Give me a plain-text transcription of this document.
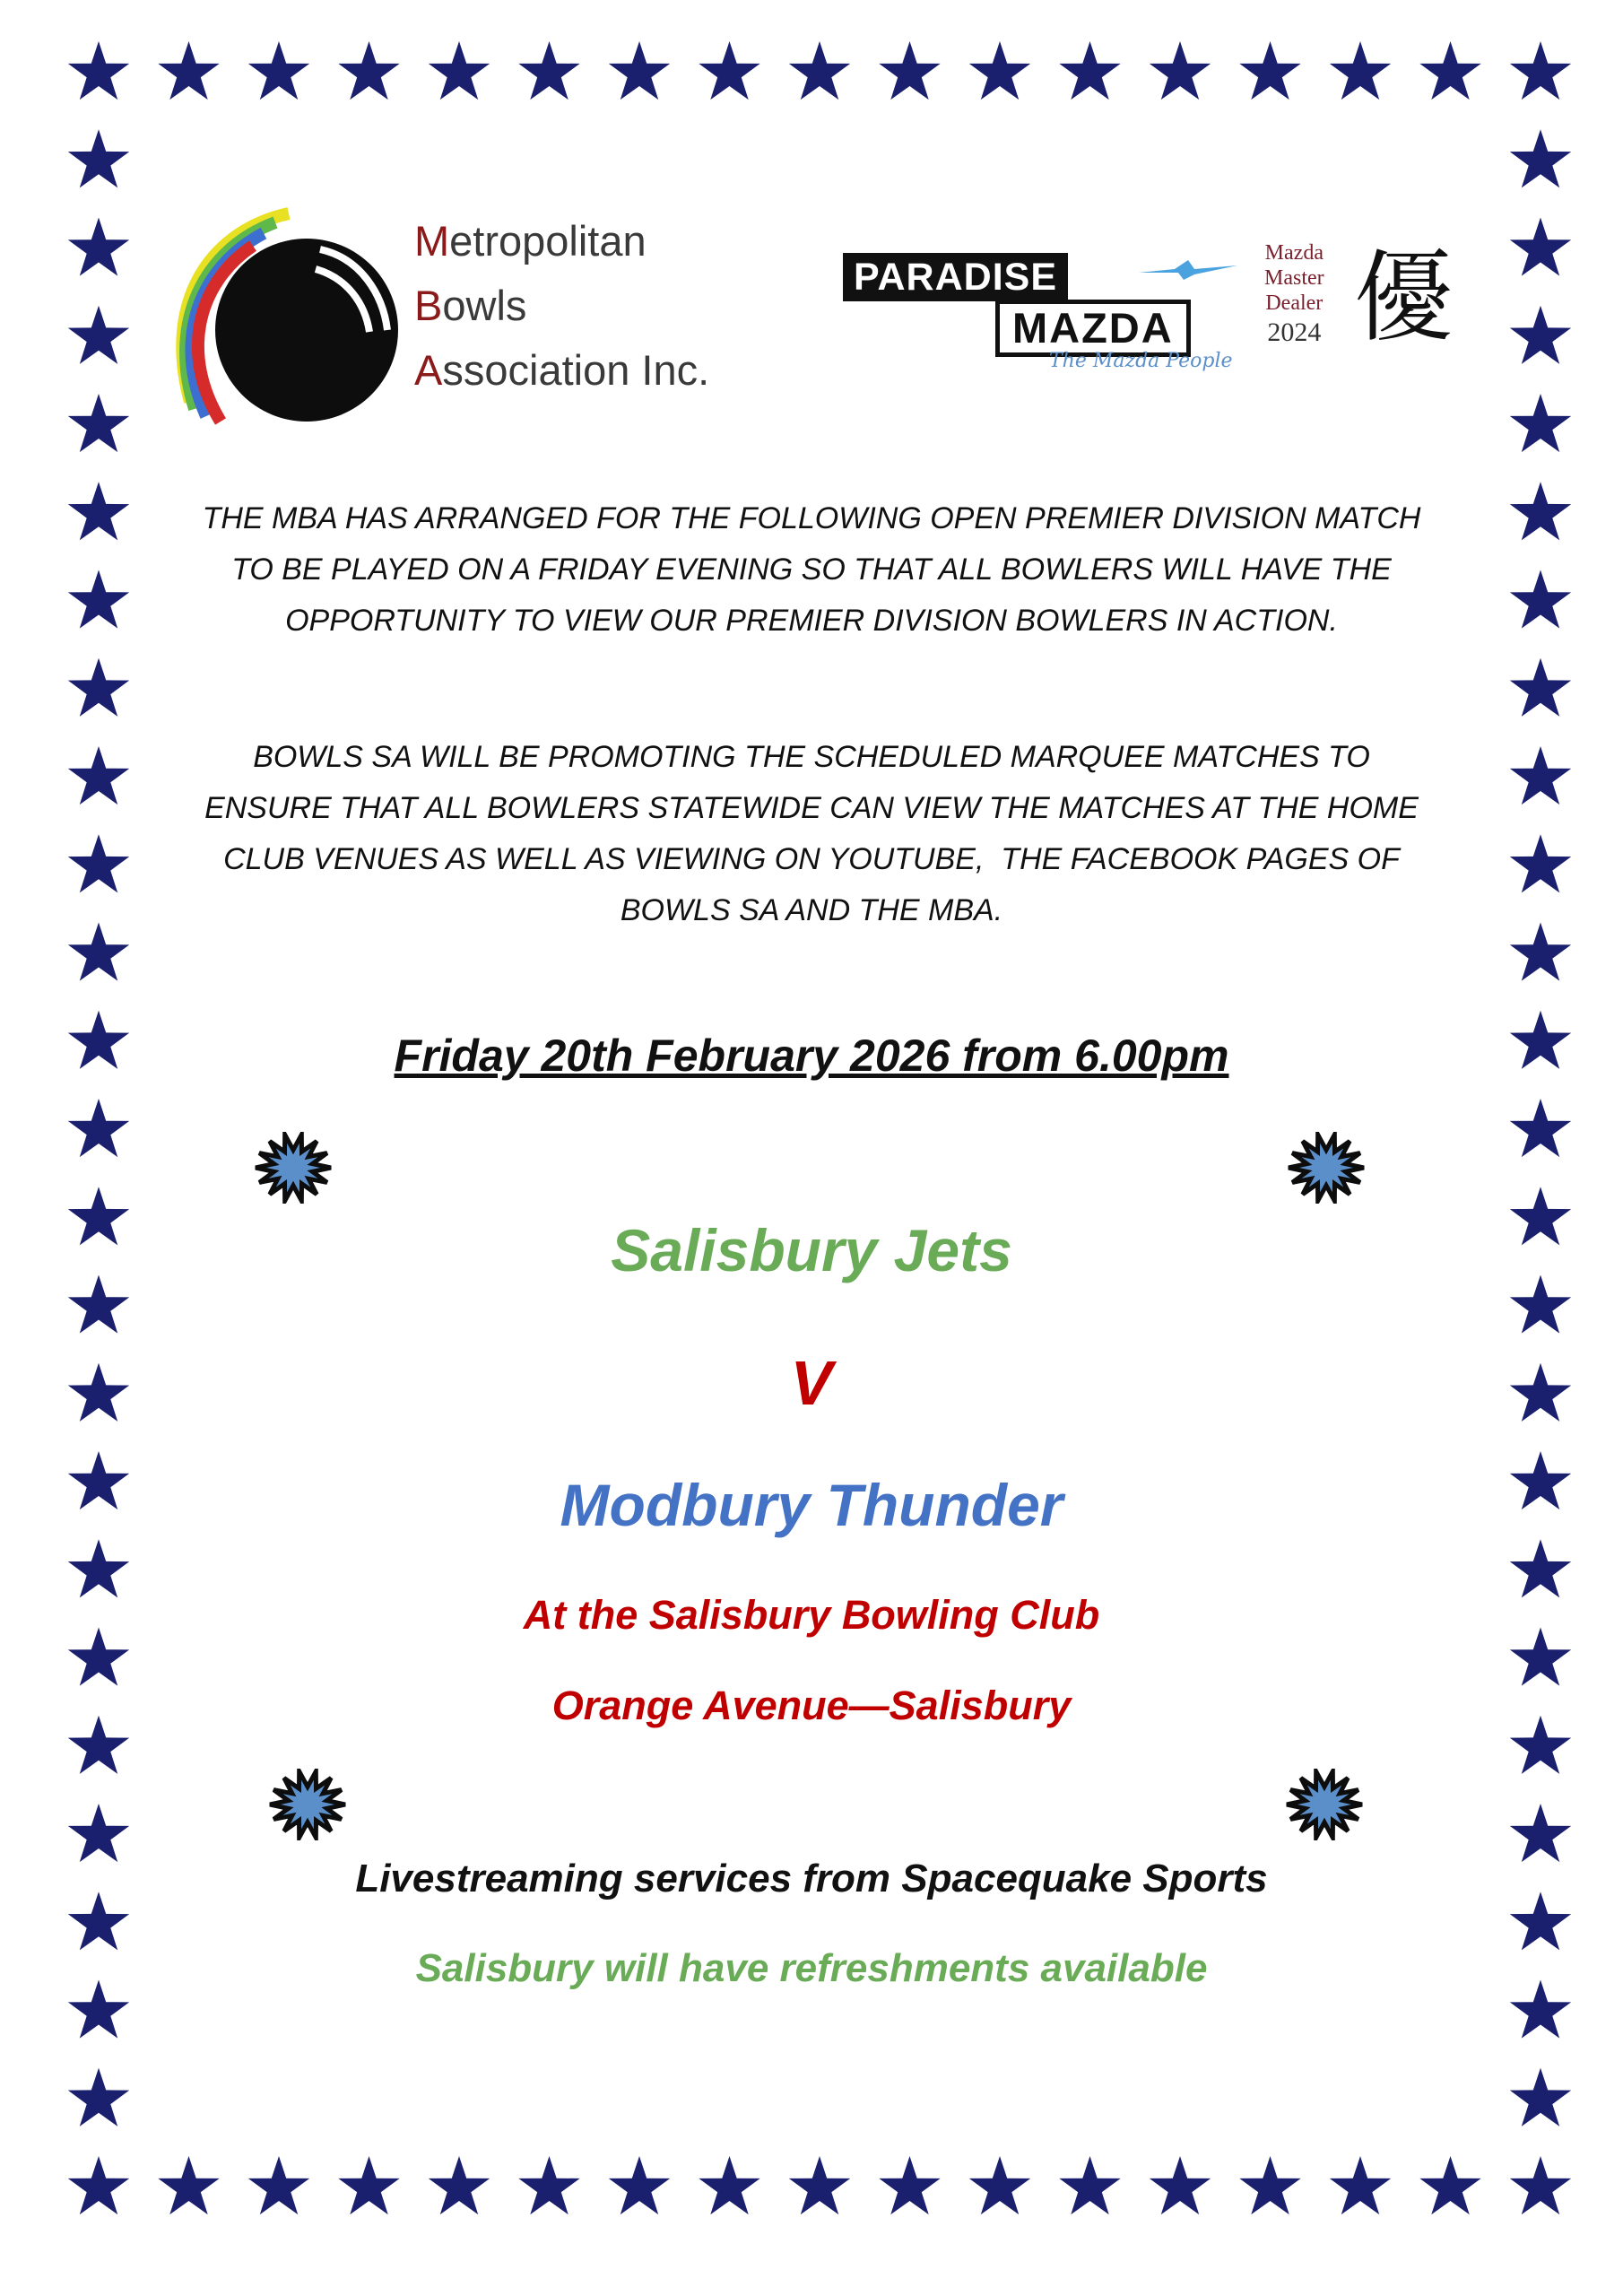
Metropolitan
Bowls
Association Inc.
PARADISE
MAZDA
The Mazda People
Mazda
Master
Dealer
2024 優
THE MBA HAS ARRANGED FOR THE FOLLOWING OPEN PREMIER DIVISION MATCH
TO BE PLAYED ON A FRIDAY EVENING SO THAT ALL BOWLERS WILL HAVE THE
OPPORTUNITY TO VIEW OUR PREMIER DIVISION BOWLERS IN ACTION.
BOWLS SA WILL BE PROMOTING THE SCHEDULED MARQUEE MATCHES TO
ENSURE THAT ALL BOWLERS STATEWIDE CAN VIEW THE MATCHES AT THE HOME
CLUB VENUES AS WELL AS VIEWING ON YOUTUBE,  THE FACEBOOK PAGES OF
BOWLS SA AND THE MBA.
Friday 20th February 2026 from 6.00pm
Salisbury Jets
V
Modbury Thunder
At the Salisbury Bowling Club
Orange Avenue—Salisbury
Livestreaming services from Spacequake Sports
Salisbury will have refreshments available
